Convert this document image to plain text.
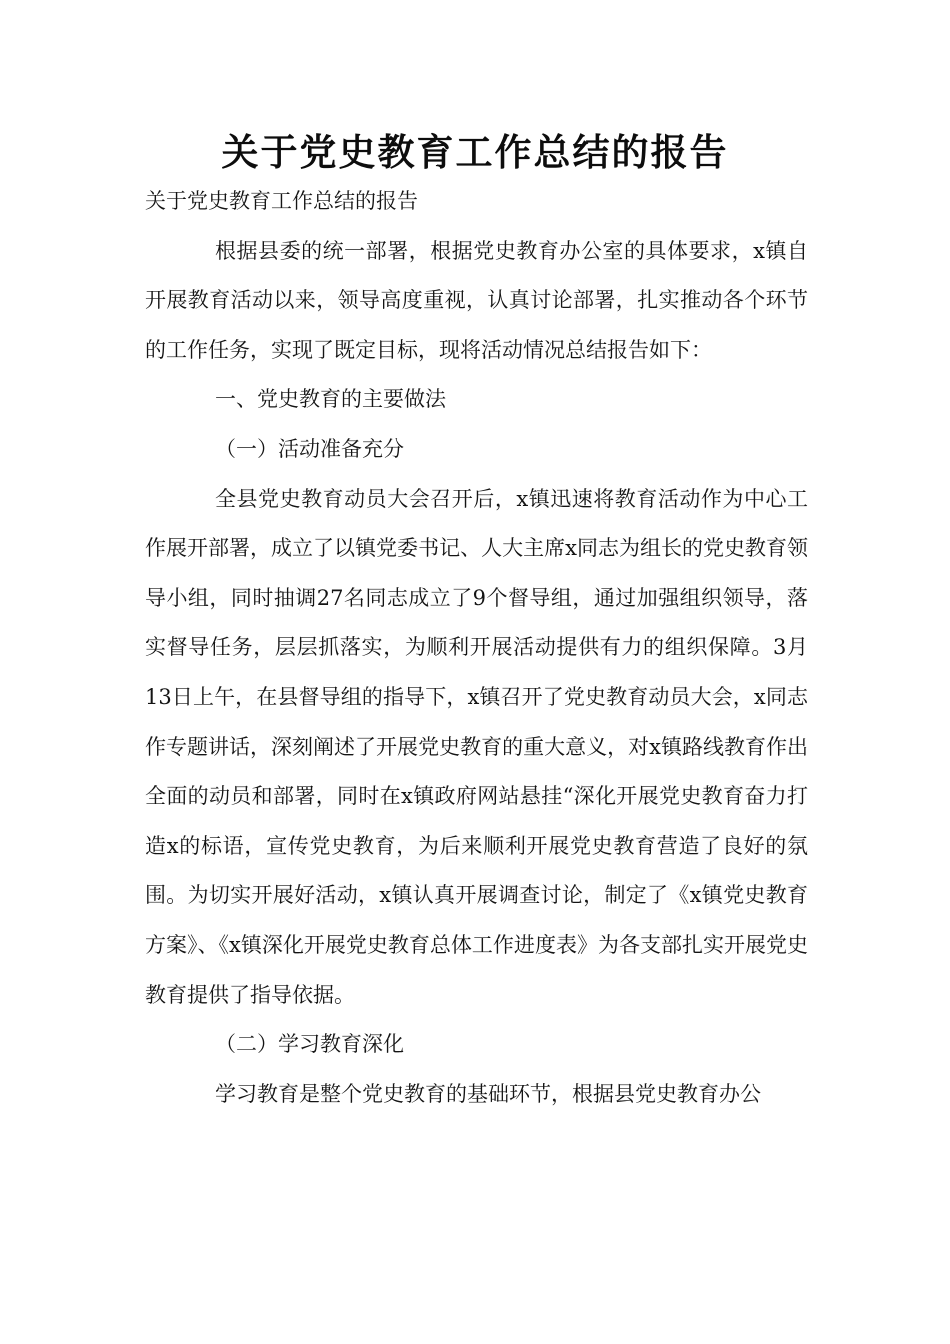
关于党史教育工作总结的报告

关于党史教育工作总结的报告

根据县委的统一部署，根据党史教育办公室的具体要求，x镇自开展教育活动以来，领导高度重视，认真讨论部署，扎实推动各个环节的工作任务，实现了既定目标，现将活动情况总结报告如下：

一、党史教育的主要做法

（一）活动准备充分

全县党史教育动员大会召开后，x镇迅速将教育活动作为中心工作展开部署，成立了以镇党委书记、人大主席x同志为组长的党史教育领导小组，同时抽调27名同志成立了9个督导组，通过加强组织领导，落实督导任务，层层抓落实，为顺利开展活动提供有力的组织保障。3月13日上午，在县督导组的指导下，x镇召开了党史教育动员大会，x同志作专题讲话，深刻阐述了开展党史教育的重大意义，对x镇路线教育作出全面的动员和部署，同时在x镇政府网站悬挂“深化开展党史教育奋力打造x的标语，宣传党史教育，为后来顺利开展党史教育营造了良好的氛围。为切实开展好活动，x镇认真开展调查讨论，制定了《x镇党史教育方案》、《x镇深化开展党史教育总体工作进度表》为各支部扎实开展党史教育提供了指导依据。

（二）学习教育深化

学习教育是整个党史教育的基础环节，根据县党史教育办公
